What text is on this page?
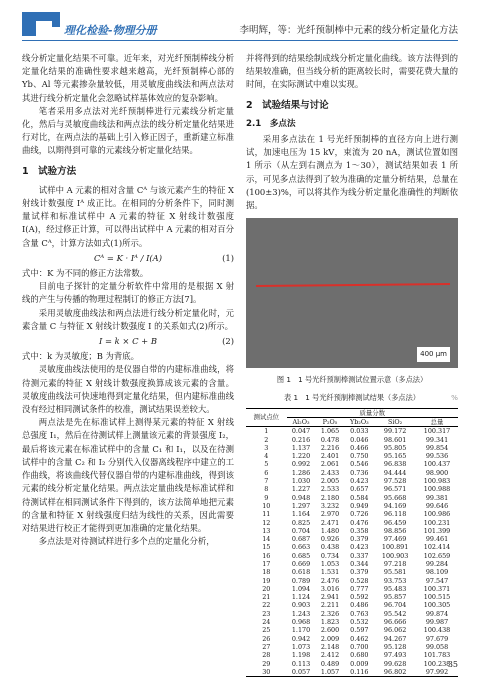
理化检验-物理分册	李明辉，等：光纤预制棒中元素的线分析定量化方法

线分析定量化结果不可靠。近年来，对光纤预制棒线分析定量化结果的准确性要求越来越高，光纤预制棒心部的 Yb、Al 等元素掺杂量较低，用灵敏度曲线法和两点法对其进行线分析定量化会忽略试样基体效应的复杂影响。

笔者采用多点法对光纤预制棒进行元素线分析定量化，然后与灵敏度曲线法和两点法的线分析定量化结果进行对比，在两点法的基础上引入修正因子，重新建立标准曲线，以期得到可靠的元素线分析定量化结果。

1　试验方法

试样中 A 元素的相对含量 Cᴬ 与该元素产生的特征 X 射线计数强度 Iᴬ 成正比。在相同的分析条件下，同时测量试样和标准试样中 A 元素的特征 X 射线计数强度 I(A)，经过修正计算，可以得出试样中 A 元素的相对百分含量 Cᴬ，计算方法如式(1)所示。

Cᴬ = K · Iᴬ / I(A)	(1)

式中：K 为不同的修正方法常数。

目前电子探针的定量分析软件中常用的是根据 X 射线的产生与传播的物理过程制订的修正方法[7]。

采用灵敏度曲线法和两点法进行线分析定量化时，元素含量 C 与特征 X 射线计数强度 I 的关系如式(2)所示。

I = k × C + B	(2)

式中：k 为灵敏度；B 为背底。

灵敏度曲线法使用的是仪器自带的内建标准曲线，将待测元素的特征 X 射线计数强度换算成该元素的含量。灵敏度曲线法可快速地得到定量化结果，但内建标准曲线没有经过相同测试条件的校准，测试结果误差较大。

两点法是先在标准试样上测得某元素的特征 X 射线总强度 I₁，然后在待测试样上测量该元素的背景强度 I₂，最后将该元素在标准试样中的含量 C₁ 和 I₁，以及在待测试样中的含量 C₂ 和 I₂ 分别代入仪器离线程序中建立的工作曲线，将该曲线代替仪器自带的内建标准曲线，得到该元素的线分析定量化结果。两点法定量曲线是标准试样和待测试样在相同测试条件下得到的，该方法简单地把元素的含量和特征 X 射线强度归结为线性的关系，因此需要对结果进行校正才能得到更加准确的定量化结果。

多点法是对待测试样进行多个点的定量化分析，

并将得到的结果绘制成线分析定量化曲线。该方法得到的结果较准确，但当线分析的距离较长时，需要花费大量的时间，在实际测试中难以实现。

2　试验结果与讨论
2.1　多点法

采用多点法在 1 号光纤预制棒的直径方向上进行测试，加速电压为 15 kV，束流为 20 nA，测试位置如图 1 所示（从左到右测点为 1～30），测试结果如表 1 所示，可见多点法得到了较为准确的定量分析结果，总量在(100±3)%，可以将其作为线分析定量化准确性的判断依据。

400 μm
图 1　1 号光纤预制棒测试位置示意（多点法）
表 1　1 号光纤预制棒测试结果（多点法）	%
测试点位	质量分数				
	Al₂O₃	P₂O₅	Yb₂O₃	SiO₂	总量
1	0.047	1.065	0.033	99.172	100.317
2	0.216	0.478	0.046	98.601	99.341
3	1.137	2.216	0.466	95.805	99.854
4	1.220	2.401	0.750	95.165	99.536
5	0.992	2.061	0.546	96.838	100.437
6	1.286	2.433	0.736	94.444	98.900
7	1.030	2.005	0.423	97.528	100.983
8	1.227	2.533	0.657	96.571	100.988
9	0.948	2.180	0.584	95.668	99.381
10	1.297	3.232	0.949	94.169	99.646
11	1.164	2.970	0.726	96.118	100.986
12	0.825	2.471	0.476	96.459	100.231
13	0.704	1.480	0.358	98.856	101.399
14	0.687	0.926	0.379	97.469	99.461
15	0.663	0.438	0.423	100.891	102.414
16	0.685	0.734	0.337	100.903	102.659
17	0.669	1.053	0.344	97.218	99.284
18	0.618	1.531	0.379	95.581	98.109
19	0.789	2.476	0.528	93.753	97.547
20	1.094	3.016	0.777	95.483	100.371
21	1.124	2.941	0.592	95.857	100.515
22	0.903	2.211	0.486	96.704	100.305
23	1.243	2.326	0.763	95.542	99.874
24	0.968	1.823	0.532	96.666	99.987
25	1.170	2.600	0.597	96.062	100.438
26	0.942	2.009	0.462	94.267	97.679
27	1.073	2.148	0.700	95.128	99.058
28	1.198	2.412	0.680	97.493	101.783
29	0.113	0.489	0.009	99.628	100.238
30	0.057	1.057	0.116	96.802	97.992
35
